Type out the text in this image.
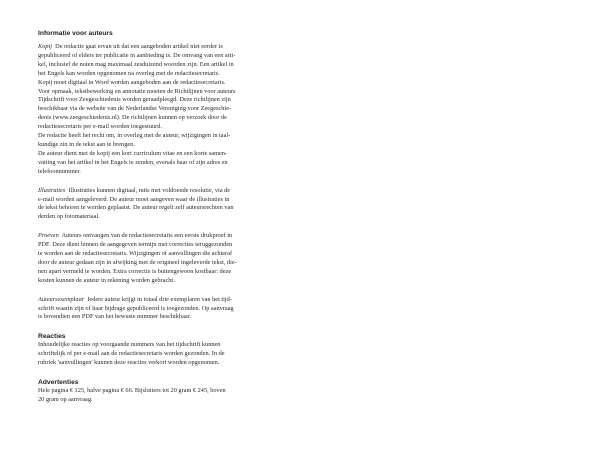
Informatie voor auteurs
Kopij De redactie gaat ervan uit dat een aangeboden artikel niet eerder is
gepubliceerd of elders ter publicatie in aanbieding is. De omvang van een arti-
kel, inclusief de noten mag maximaal zesduizend woorden zijn. Een artikel in
het Engels kan worden opgenomen na overleg met de redactiesecretaris.
Kopij moet digitaal in Word worden aangeboden aan de redactiesecretaris.
Voor opmaak, tekstbewerking en annotatie moeten de Richtlijnen voor auteurs
Tijdschrift voor Zeegeschiedenis worden geraadpleegd. Deze richtlijnen zijn
beschikbaar via de website van de Nederlandse Vereniging voor Zeegeschie-
denis (www.zeegeschiedenis.nl). De richtlijnen kunnen op verzoek door de
redactiesecretaris per e-mail worden toegestuurd.
De redactie heeft het recht om, in overleg met de auteur, wijzigingen in taal-
kundige zin in de tekst aan te brengen.
De auteur dient met de kopij een kort curriculum vitae en een korte samen-
vatting van het artikel in het Engels te zenden, evenals haar of zijn adres en
telefoonnummer.
Illustraties Illustraties kunnen digitaal, mits met voldoende resolutie, via de
e-mail worden aangeleverd. De auteur moet aangeven waar de illustraties in
de tekst behoren te worden geplaatst. De auteur regelt zelf auteursrechten van
derden op fotomateriaal.
Proeven Auteurs ontvangen van de redactiesecretaris een eerste drukproef in
PDF. Deze dient binnen de aangegeven termijn met correcties teruggezonden
te worden aan de redactiesecretaris. Wijzigingen of aanvullingen die achteraf
door de auteur gedaan zijn in afwijking met de origineel ingeleverde tekst, die-
nen apart vermeld te worden. Extra correctie is buitengewoon kostbaar: deze
kosten kunnen de auteur in rekening worden gebracht.
Auteursexemplaar Iedere auteur krijgt in totaal drie exemplaren van het tijd-
schrift waarin zijn of haar bijdrage gepubliceerd is toegezonden. Op aanvraag
is bovendien een PDF van het bewuste nummer beschikbaar.
Reacties
Inhoudelijke reacties op voorgaande nummers van het tijdschrift kunnen
schriftelijk of per e-mail aan de redactiesecretaris worden gezonden. In de
rubriek 'aanvullingen' kunnen deze reacties verkort worden opgenomen.
Advertenties
Hele pagina € 125, halve pagina € 66. Bijsluiters tot 20 gram € 245, boven
20 gram op aanvraag.
